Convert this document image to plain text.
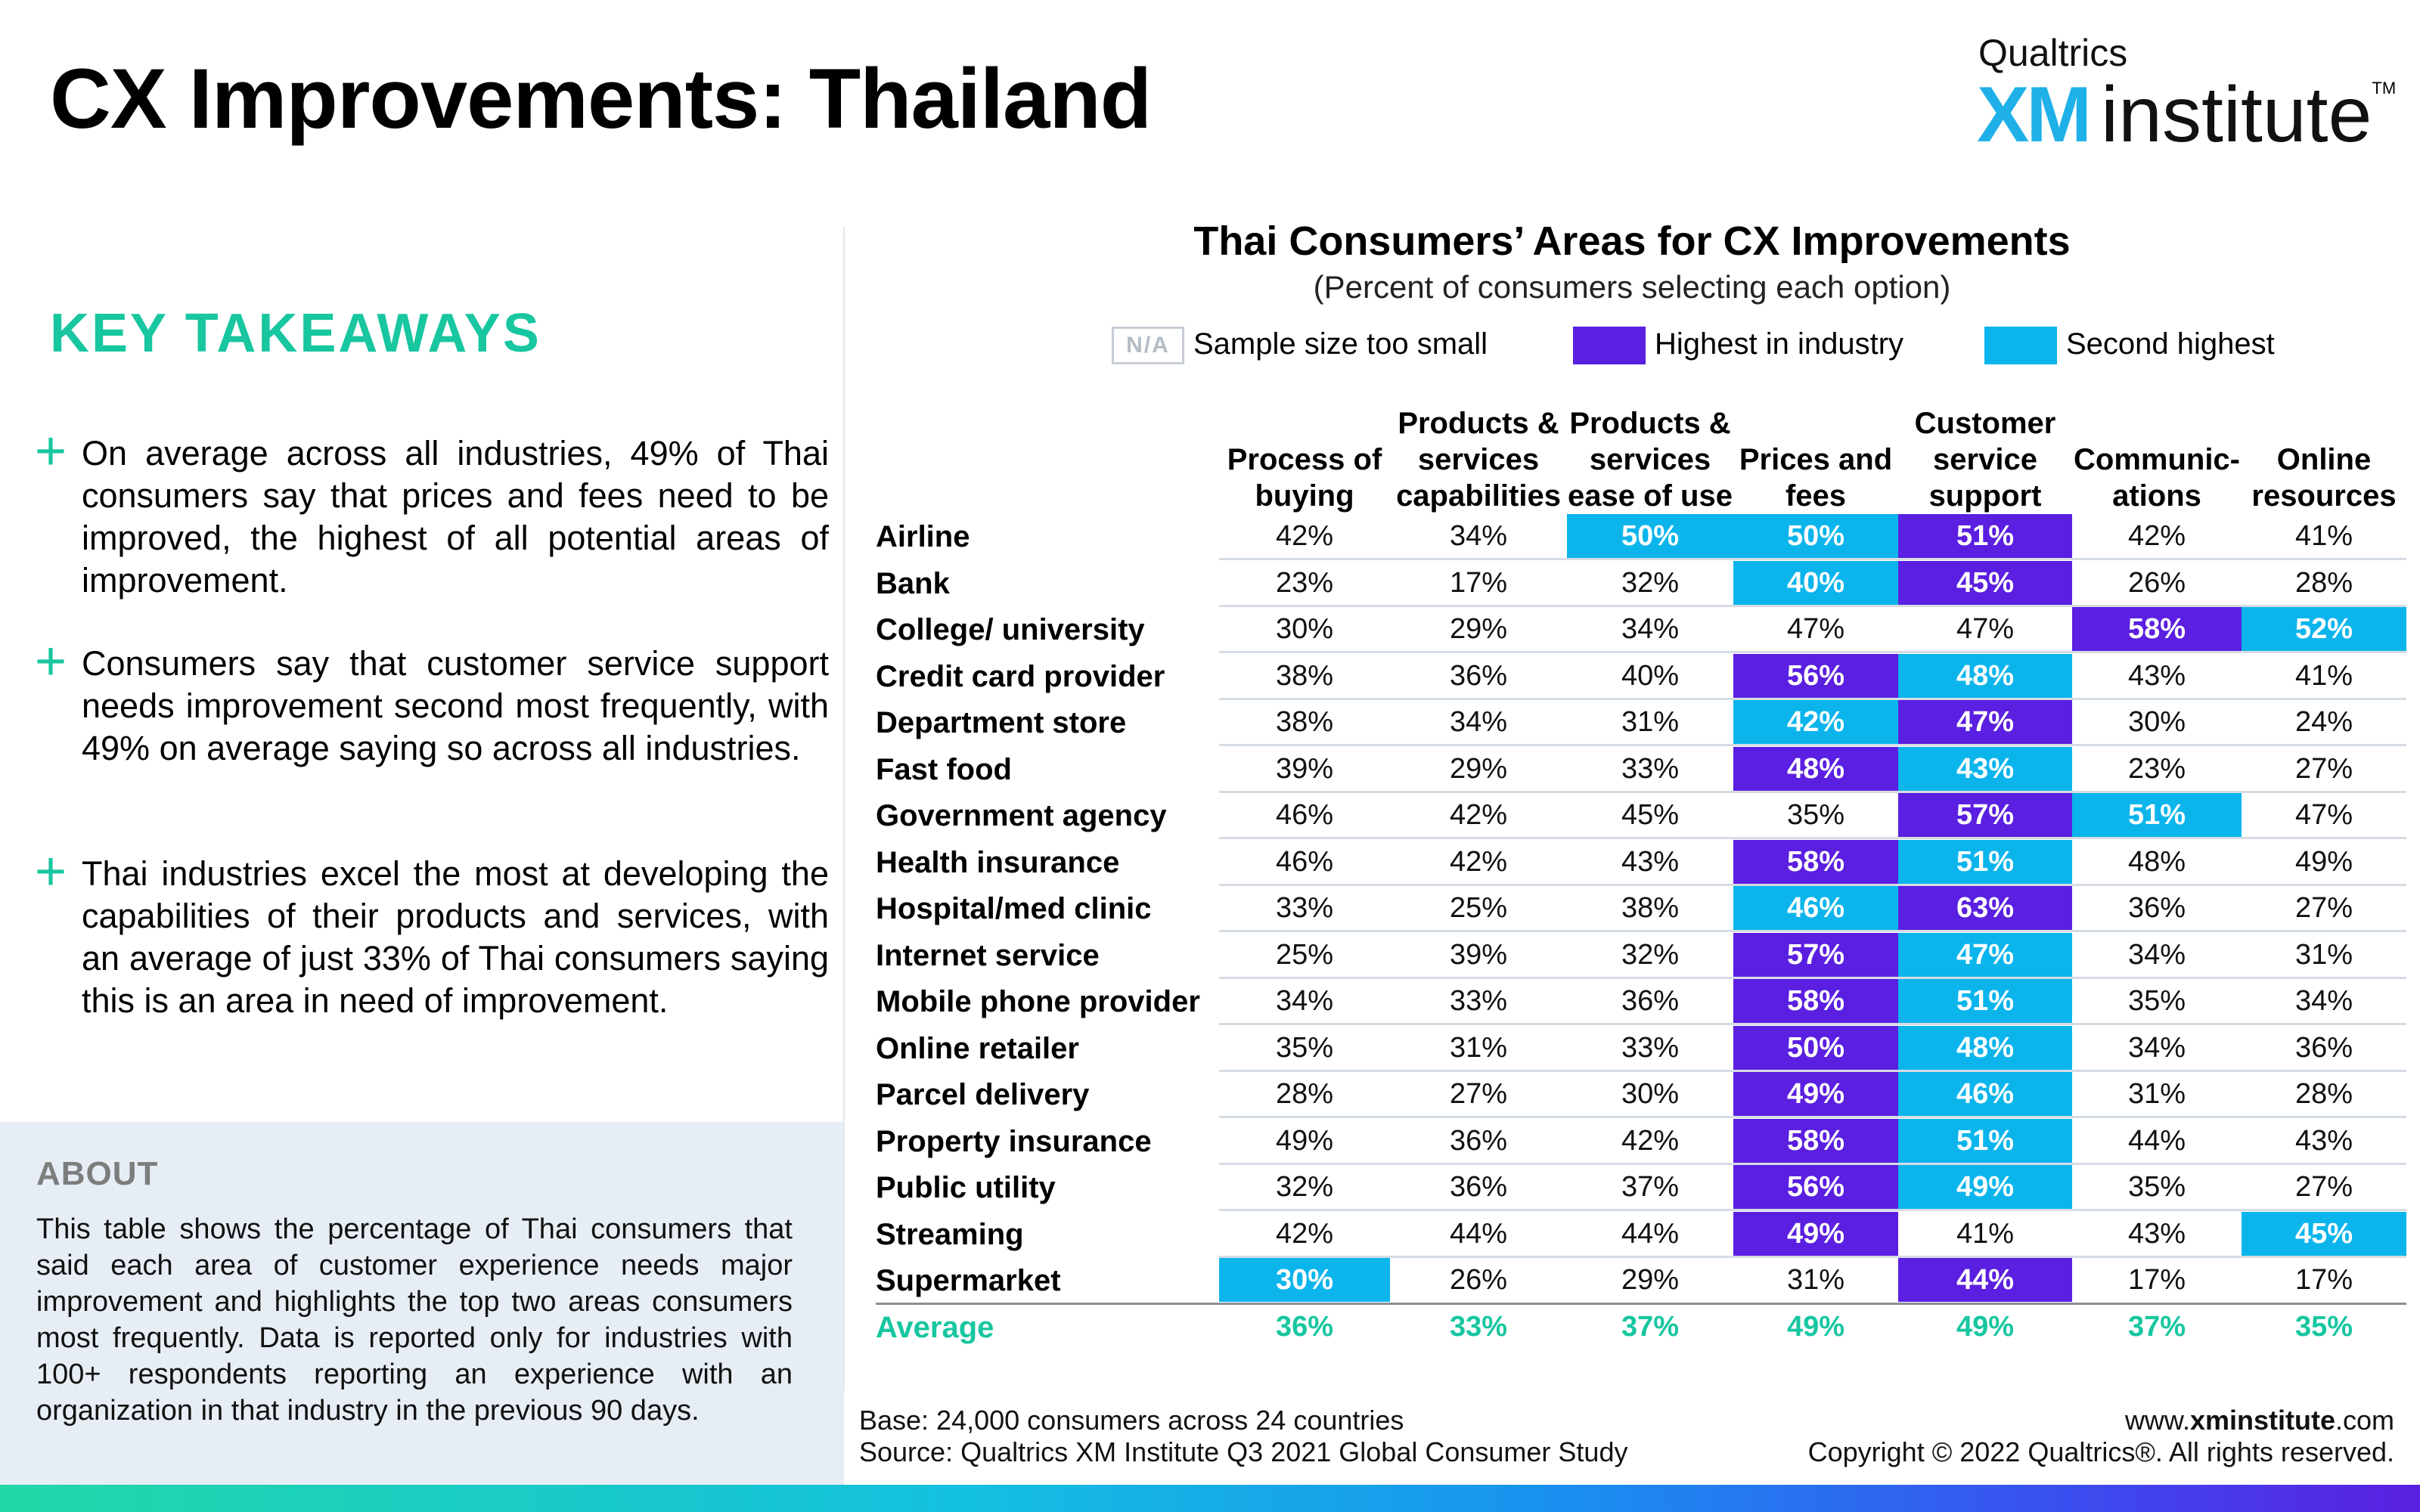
CX Improvements: Thailand	Qualtrics
XM institute™
KEY TAKEAWAYS
+ On average across all industries, 49% of Thai consumers say that prices and fees need to be improved, the highest of all potential areas of improvement.
+ Consumers say that customer service support needs improvement second most frequently, with 49% on average saying so across all industries.
+ Thai industries excel the most at developing the capabilities of their products and services, with an average of just 33% of Thai consumers saying this is an area in need of improvement.
ABOUT
This table shows the percentage of Thai consumers that said each area of customer experience needs major improvement and highlights the top two areas consumers most frequently. Data is reported only for industries with 100+ respondents reporting an experience with an organization in that industry in the previous 90 days.
Thai Consumers’ Areas for CX Improvements
(Percent of consumers selecting each option)
N/A Sample size too small	Highest in industry	Second highest
Process of buying
Products & services capabilities
Products & services ease of use
Prices and fees
Customer service support
Communic-ations
Online resources
Airline	42%	34%	50%	50%	51%	42%	41%
Bank	23%	17%	32%	40%	45%	26%	28%
College/ university	30%	29%	34%	47%	47%	58%	52%
Credit card provider	38%	36%	40%	56%	48%	43%	41%
Department store	38%	34%	31%	42%	47%	30%	24%
Fast food	39%	29%	33%	48%	43%	23%	27%
Government agency	46%	42%	45%	35%	57%	51%	47%
Health insurance	46%	42%	43%	58%	51%	48%	49%
Hospital/med clinic	33%	25%	38%	46%	63%	36%	27%
Internet service	25%	39%	32%	57%	47%	34%	31%
Mobile phone provider	34%	33%	36%	58%	51%	35%	34%
Online retailer	35%	31%	33%	50%	48%	34%	36%
Parcel delivery	28%	27%	30%	49%	46%	31%	28%
Property insurance	49%	36%	42%	58%	51%	44%	43%
Public utility	32%	36%	37%	56%	49%	35%	27%
Streaming	42%	44%	44%	49%	41%	43%	45%
Supermarket	30%	26%	29%	31%	44%	17%	17%
Average	36%	33%	37%	49%	49%	37%	35%
Base: 24,000 consumers across 24 countries
Source: Qualtrics XM Institute Q3 2021 Global Consumer Study
www.xminstitute.com
Copyright © 2022 Qualtrics®. All rights reserved.
